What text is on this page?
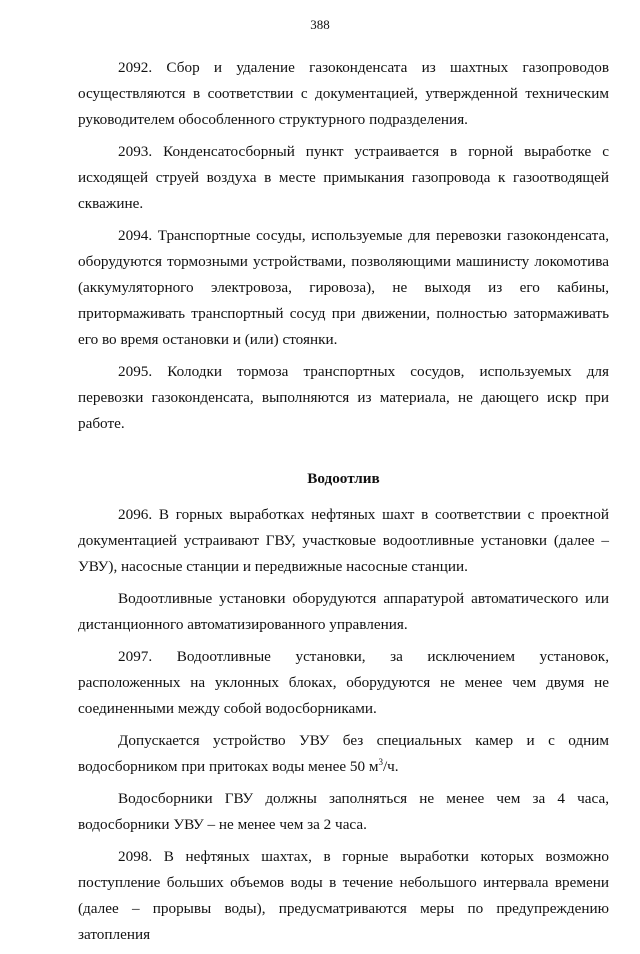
388

2092. Сбор и удаление газоконденсата из шахтных газопроводов осуществляются в соответствии с документацией, утвержденной техническим руководителем обособленного структурного подразделения.

2093. Конденсатосборный пункт устраивается в горной выработке с исходящей струей воздуха в месте примыкания газопровода к газоотводящей скважине.

2094. Транспортные сосуды, используемые для перевозки газоконденсата, оборудуются тормозными устройствами, позволяющими машинисту локомотива (аккумуляторного электровоза, гировоза), не выходя из его кабины, притормаживать транспортный сосуд при движении, полностью затормаживать его во время остановки и (или) стоянки.

2095. Колодки тормоза транспортных сосудов, используемых для перевозки газоконденсата, выполняются из материала, не дающего искр при работе.

Водоотлив

2096. В горных выработках нефтяных шахт в соответствии с проектной документацией устраивают ГВУ, участковые водоотливные установки (далее – УВУ), насосные станции и передвижные насосные станции.

Водоотливные установки оборудуются аппаратурой автоматического или дистанционного автоматизированного управления.

2097. Водоотливные установки, за исключением установок, расположенных на уклонных блоках, оборудуются не менее чем двумя не соединенными между собой водосборниками.

Допускается устройство УВУ без специальных камер и с одним водосборником при притоках воды менее 50 $м^3/ч$.

Водосборники ГВУ должны заполняться не менее чем за 4 часа, водосборники УВУ – не менее чем за 2 часа.

2098. В нефтяных шахтах, в горные выработки которых возможно поступление больших объемов воды в течение небольшого интервала времени (далее – прорывы воды), предусматриваются меры по предупреждению затопления
